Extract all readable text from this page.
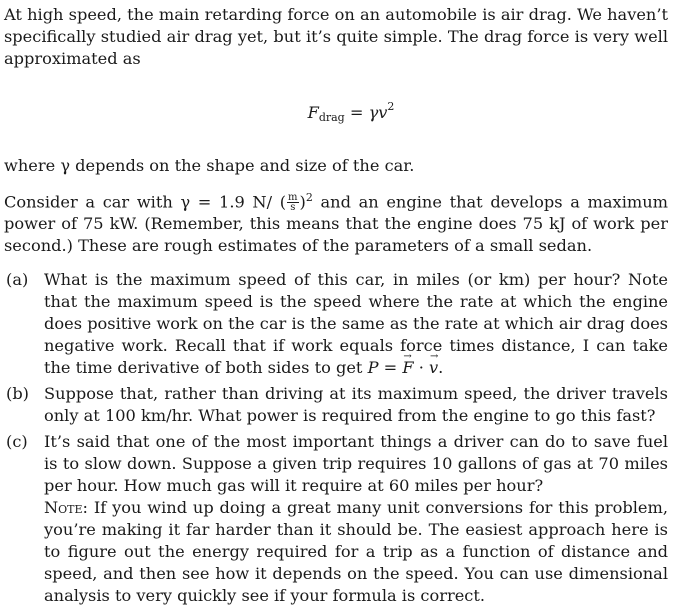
At high speed, the main retarding force on an automobile is air drag. We haven’t specifically studied air drag yet, but it’s quite simple. The drag force is very well approximated as

$F_{drag} = \gamma v^2$

where γ depends on the shape and size of the car.

Consider a car with γ = 1.9 N/ ( $\frac{m}{s} )^2$ and an engine that develops a maximum power of 75 kW. (Remember, this means that the engine does 75 kJ of work per second.) These are rough estimates of the parameters of a small sedan.

(a) What is the maximum speed of this car, in miles (or km) per hour? Note that the maximum speed is the speed where the rate at which the engine does positive work on the car is the same as the rate at which air drag does negative work. Recall that if work equals force times distance, I can take the time derivative of both sides to get P = → F · → v.
(b) Suppose that, rather than driving at its maximum speed, the driver travels only at 100 km/hr. What power is required from the engine to go this fast?
(c)	It’s said that one of the most important things a driver can do to save fuel is to slow down. Suppose a given trip requires 10 gallons of gas at 70 miles per hour. How much gas will it require at 60 miles per hour?
Note: If you wind up doing a great many unit conversions for this problem, you’re making it far harder than it should be. The easiest approach here is to figure out the energy required for a trip as a function of distance and speed, and then see how it depends on the speed. You can use dimensional analysis to very quickly see if your formula is correct.
